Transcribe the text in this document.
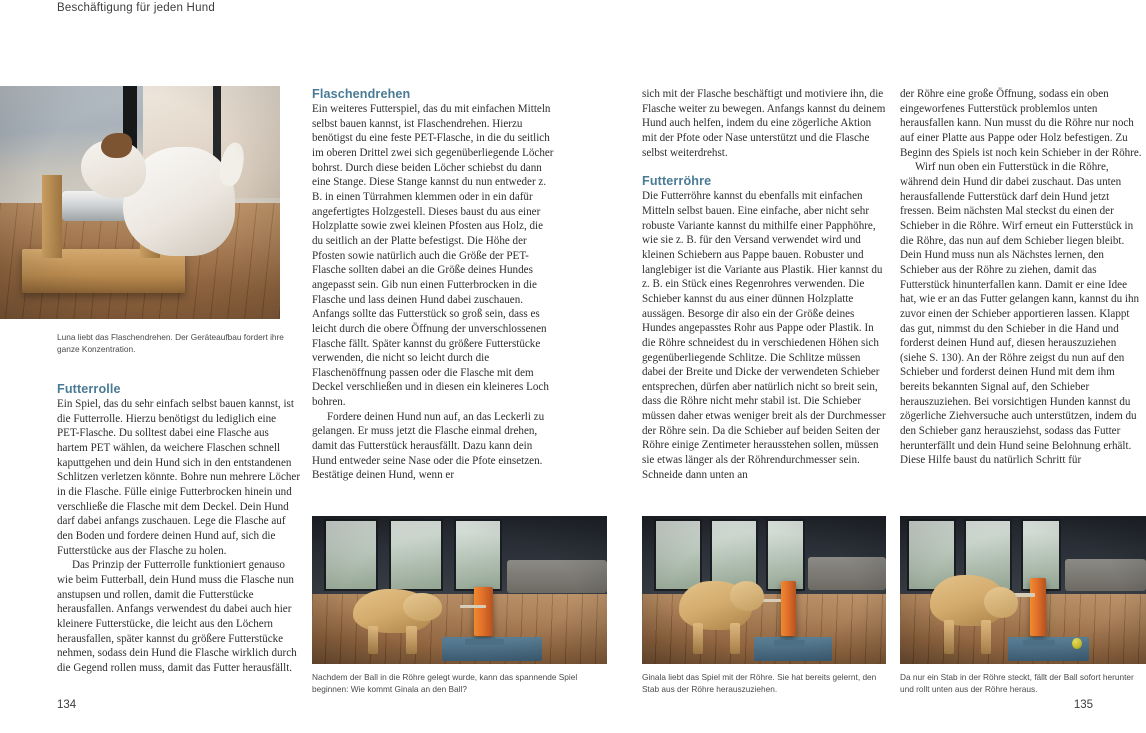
Beschäftigung für jeden Hund
Luna liebt das Flaschendrehen. Der Geräteaufbau fordert ihre ganze Konzentration.
Futterrolle

Ein Spiel, das du sehr einfach selbst bauen kannst, ist die Futterrolle. Hierzu benötigst du lediglich eine PET-Flasche. Du solltest dabei eine Flasche aus hartem PET wählen, da weichere Flaschen schnell kaputtgehen und dein Hund sich in den entstandenen Schlitzen verletzen könnte. Bohre nun mehrere Löcher in die Flasche. Fülle einige Futterbrocken hinein und verschließe die Flasche mit dem Deckel. Dein Hund darf dabei anfangs zuschauen. Lege die Flasche auf den Boden und fordere deinen Hund auf, sich die Futterstücke aus der Flasche zu holen.

Das Prinzip der Futterrolle funktioniert genauso wie beim Futterball, dein Hund muss die Flasche nun anstupsen und rollen, damit die Futterstücke herausfallen. Anfangs verwendest du dabei auch hier kleinere Futterstücke, die leicht aus den Löchern herausfallen, später kannst du größere Futterstücke nehmen, sodass dein Hund die Flasche wirklich durch die Gegend rollen muss, damit das Futter herausfällt.

Flaschendrehen

Ein weiteres Futterspiel, das du mit einfachen Mitteln selbst bauen kannst, ist Flaschendrehen. Hierzu benötigst du eine feste PET-Flasche, in die du seitlich im oberen Drittel zwei sich gegenüberliegende Löcher bohrst. Durch diese beiden Löcher schiebst du dann eine Stange. Diese Stange kannst du nun entweder z. B. in einen Türrahmen klemmen oder in ein dafür angefertigtes Holzgestell. Dieses baust du aus einer Holzplatte sowie zwei kleinen Pfosten aus Holz, die du seitlich an der Platte befestigst. Die Höhe der Pfosten sowie natürlich auch die Größe der PET-Flasche sollten dabei an die Größe deines Hundes angepasst sein. Gib nun einen Futterbrocken in die Flasche und lass deinen Hund dabei zuschauen. Anfangs sollte das Futterstück so groß sein, dass es leicht durch die obere Öffnung der unverschlossenen Flasche fällt. Später kannst du größere Futterstücke verwenden, die nicht so leicht durch die Flaschenöffnung passen oder die Flasche mit dem Deckel verschließen und in diesen ein kleineres Loch bohren.

Fordere deinen Hund nun auf, an das Leckerli zu gelangen. Er muss jetzt die Flasche einmal drehen, damit das Futterstück herausfällt. Dazu kann dein Hund entweder seine Nase oder die Pfote einsetzen. Bestätige deinen Hund, wenn er

sich mit der Flasche beschäftigt und motiviere ihn, die Flasche weiter zu bewegen. Anfangs kannst du deinem Hund auch helfen, indem du eine zögerliche Aktion mit der Pfote oder Nase unterstützt und die Flasche selbst weiterdrehst.

Futterröhre

Die Futterröhre kannst du ebenfalls mit einfachen Mitteln selbst bauen. Eine einfache, aber nicht sehr robuste Variante kannst du mithilfe einer Papphöhre, wie sie z. B. für den Versand verwendet wird und kleinen Schiebern aus Pappe bauen. Robuster und langlebiger ist die Variante aus Plastik. Hier kannst du z. B. ein Stück eines Regenrohres verwenden. Die Schieber kannst du aus einer dünnen Holzplatte aussägen. Besorge dir also ein der Größe deines Hundes angepasstes Rohr aus Pappe oder Plastik. In die Röhre schneidest du in verschiedenen Höhen sich gegenüberliegende Schlitze. Die Schlitze müssen dabei der Breite und Dicke der verwendeten Schieber entsprechen, dürfen aber natürlich nicht so breit sein, dass die Röhre nicht mehr stabil ist. Die Schieber müssen daher etwas weniger breit als der Durchmesser der Röhre sein. Da die Schieber auf beiden Seiten der Röhre einige Zentimeter herausstehen sollen, müssen sie etwas länger als der Röhrendurchmesser sein. Schneide dann unten an

der Röhre eine große Öffnung, sodass ein oben eingeworfenes Futterstück problemlos unten herausfallen kann. Nun musst du die Röhre nur noch auf einer Platte aus Pappe oder Holz befestigen. Zu Beginn des Spiels ist noch kein Schieber in der Röhre.

Wirf nun oben ein Futterstück in die Röhre, während dein Hund dir dabei zuschaut. Das unten herausfallende Futterstück darf dein Hund jetzt fressen. Beim nächsten Mal steckst du einen der Schieber in die Röhre. Wirf erneut ein Futterstück in die Röhre, das nun auf dem Schieber liegen bleibt. Dein Hund muss nun als Nächstes lernen, den Schieber aus der Röhre zu ziehen, damit das Futterstück hinunterfallen kann. Damit er eine Idee hat, wie er an das Futter gelangen kann, kannst du ihn zuvor einen der Schieber apportieren lassen. Klappt das gut, nimmst du den Schieber in die Hand und forderst deinen Hund auf, diesen herauszuziehen (siehe S. 130). An der Röhre zeigst du nun auf den Schieber und forderst deinen Hund mit dem ihm bereits bekannten Signal auf, den Schieber herauszuziehen. Bei vorsichtigen Hunden kannst du zögerliche Ziehversuche auch unterstützen, indem du den Schieber ganz herausziehst, sodass das Futter herunterfällt und dein Hund seine Belohnung erhält. Diese Hilfe baust du natürlich Schritt für

Nachdem der Ball in die Röhre gelegt wurde, kann das spannende Spiel beginnen: Wie kommt Ginala an den Ball?
Ginala liebt das Spiel mit der Röhre. Sie hat bereits gelernt, den Stab aus der Röhre herauszuziehen.
Da nur ein Stab in der Röhre steckt, fällt der Ball sofort herunter und rollt unten aus der Röhre heraus.
134	135
